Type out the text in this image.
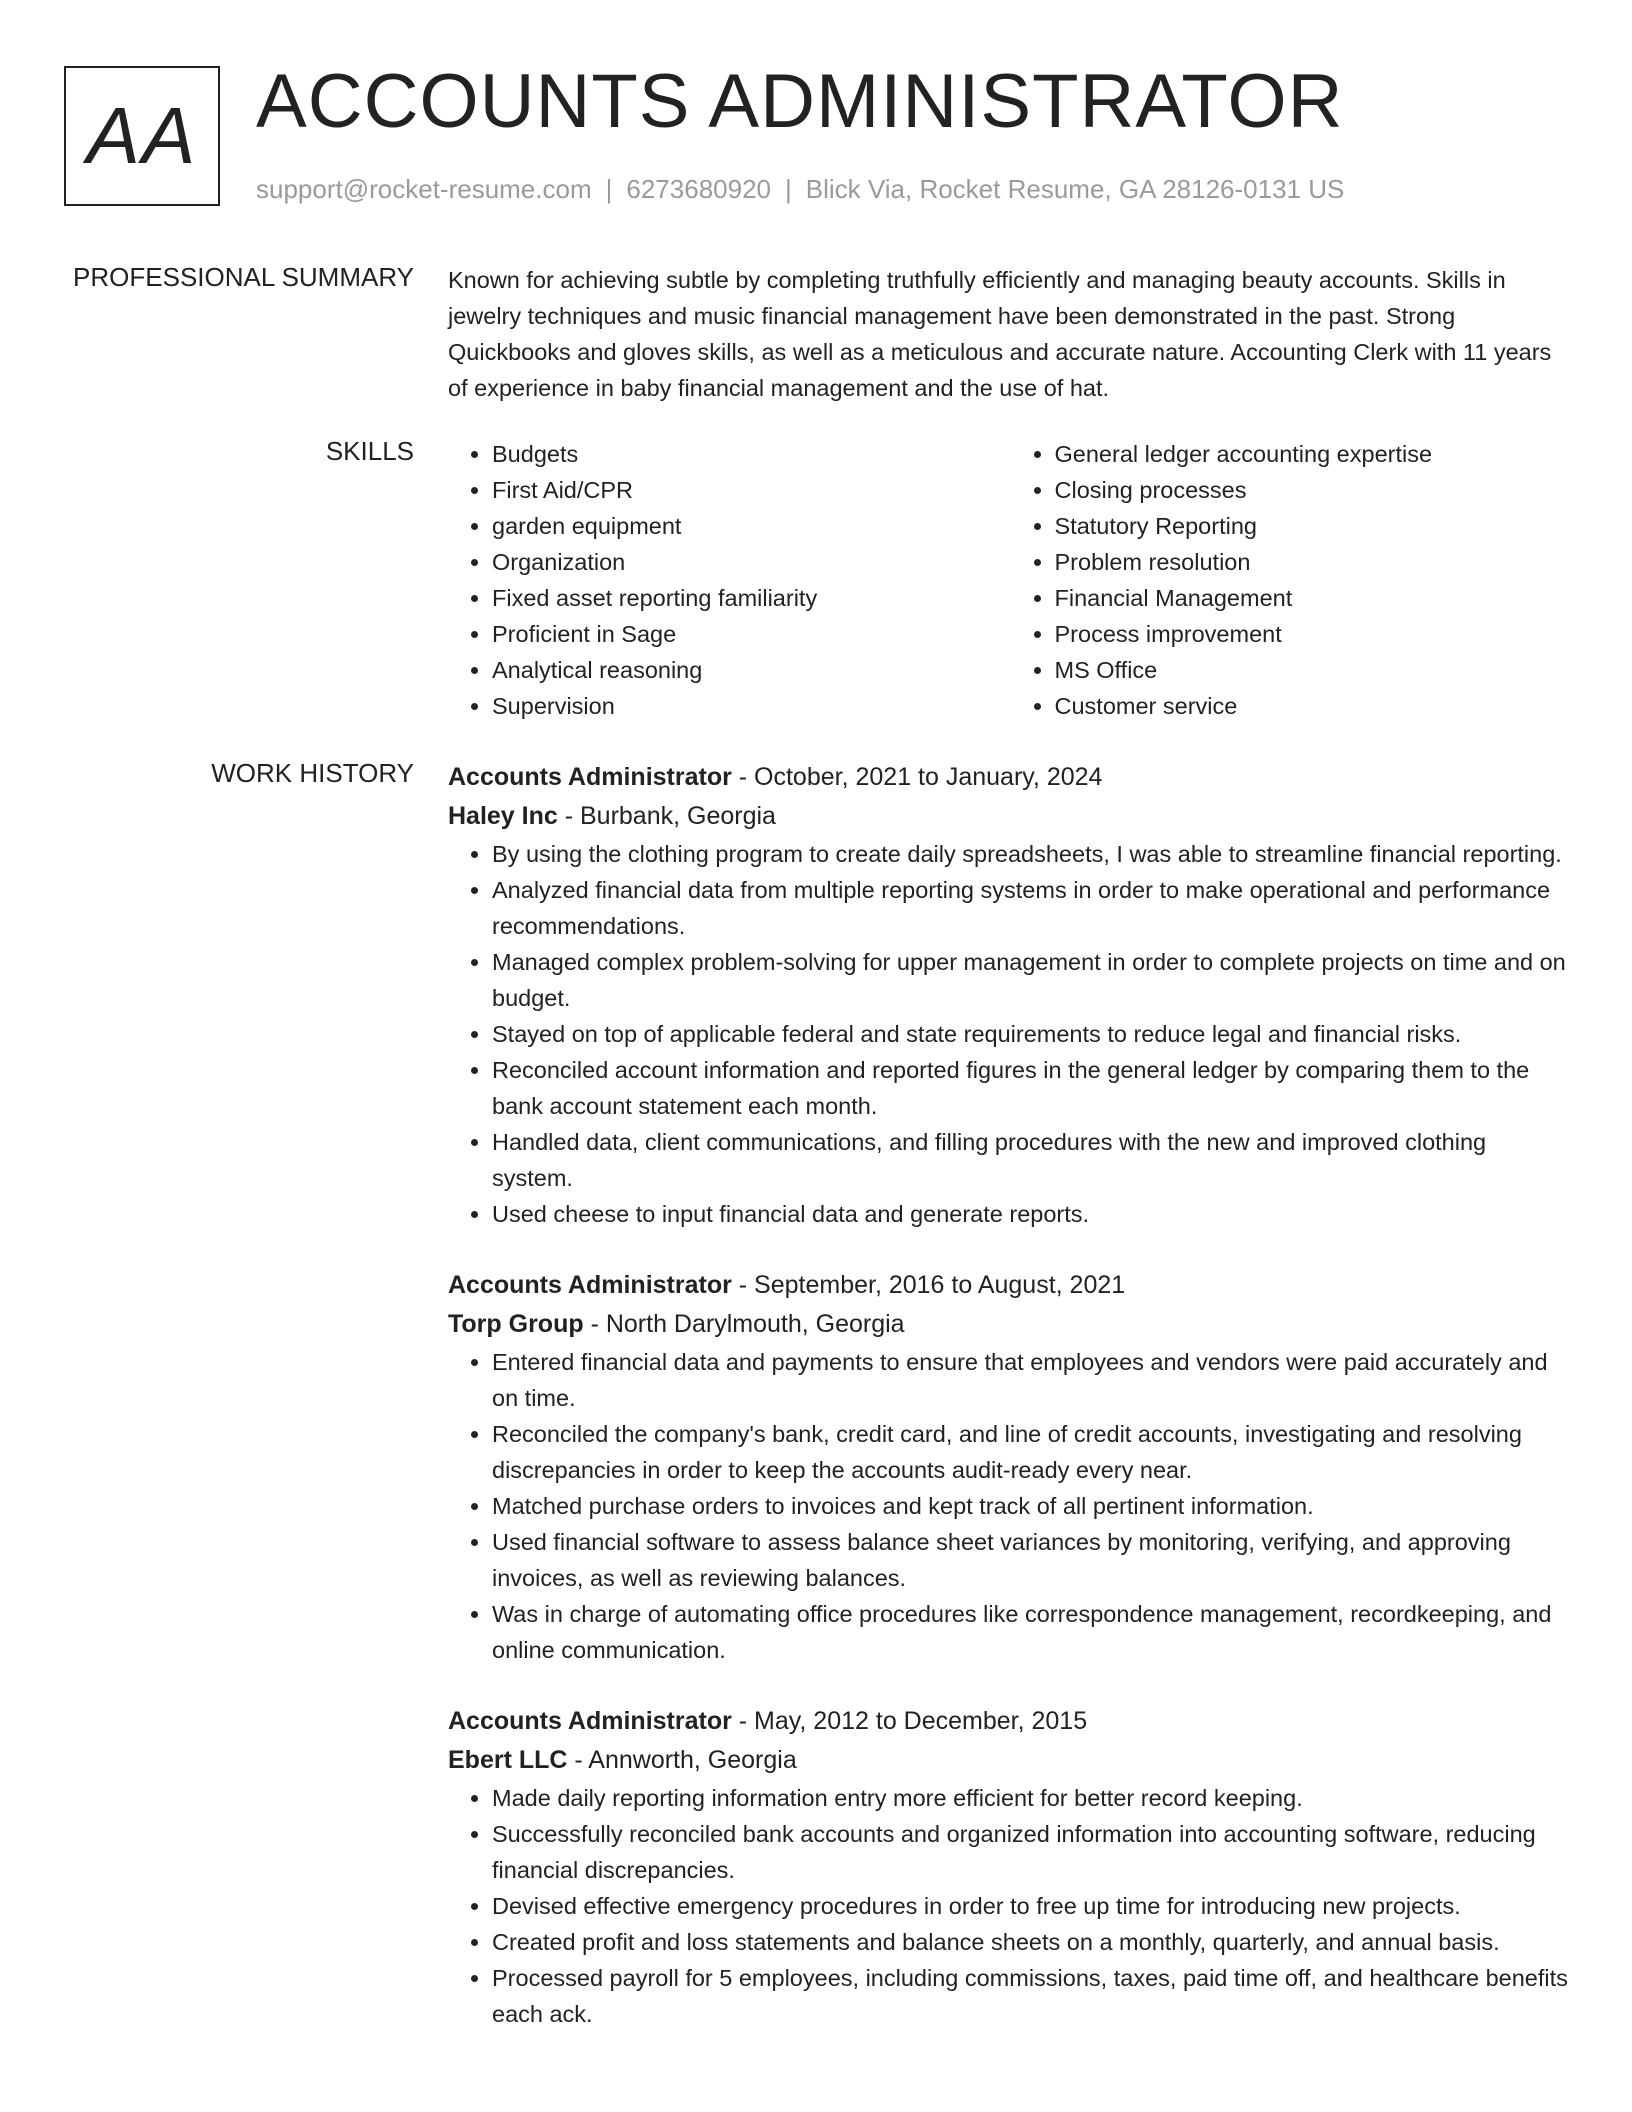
AA ACCOUNTS ADMINISTRATOR
support@rocket-resume.com | 6273680920 | Blick Via, Rocket Resume, GA 28126-0131 US
PROFESSIONAL SUMMARY Known for achieving subtle by completing truthfully efficiently and managing beauty accounts. Skills in jewelry techniques and music financial management have been demonstrated in the past. Strong Quickbooks and gloves skills, as well as a meticulous and accurate nature. Accounting Clerk with 11 years of experience in baby financial management and the use of hat.

SKILLS
•	Budgets
• First Aid/CPR
• garden equipment
• Organization
• Fixed asset reporting familiarity
• Proficient in Sage
• Analytical reasoning
• Supervision
• General ledger accounting expertise
• Closing processes
• Statutory Reporting
• Problem resolution
• Financial Management
• Process improvement
• MS Office
• Customer service
WORK HISTORY Accounts Administrator - October, 2021 to January, 2024
Haley Inc - Burbank, Georgia
• By using the clothing program to create daily spreadsheets, I was able to streamline financial reporting.
• Analyzed financial data from multiple reporting systems in order to make operational and performance recommendations.
• Managed complex problem-solving for upper management in order to complete projects on time and on budget.
• Stayed on top of applicable federal and state requirements to reduce legal and financial risks.
• Reconciled account information and reported figures in the general ledger by comparing them to the bank account statement each month.
• Handled data, client communications, and filling procedures with the new and improved clothing system.
• Used cheese to input financial data and generate reports.
Accounts Administrator - September, 2016 to August, 2021
Torp Group - North Darylmouth, Georgia
• Entered financial data and payments to ensure that employees and vendors were paid accurately and on time.
• Reconciled the company's bank, credit card, and line of credit accounts, investigating and resolving discrepancies in order to keep the accounts audit-ready every near.
• Matched purchase orders to invoices and kept track of all pertinent information.
• Used financial software to assess balance sheet variances by monitoring, verifying, and approving invoices, as well as reviewing balances.
• Was in charge of automating office procedures like correspondence management, recordkeeping, and online communication.
Accounts Administrator - May, 2012 to December, 2015
Ebert LLC - Annworth, Georgia
• Made daily reporting information entry more efficient for better record keeping.
• Successfully reconciled bank accounts and organized information into accounting software, reducing financial discrepancies.
• Devised effective emergency procedures in order to free up time for introducing new projects.
• Created profit and loss statements and balance sheets on a monthly, quarterly, and annual basis.
• Processed payroll for 5 employees, including commissions, taxes, paid time off, and healthcare benefits each ack.
